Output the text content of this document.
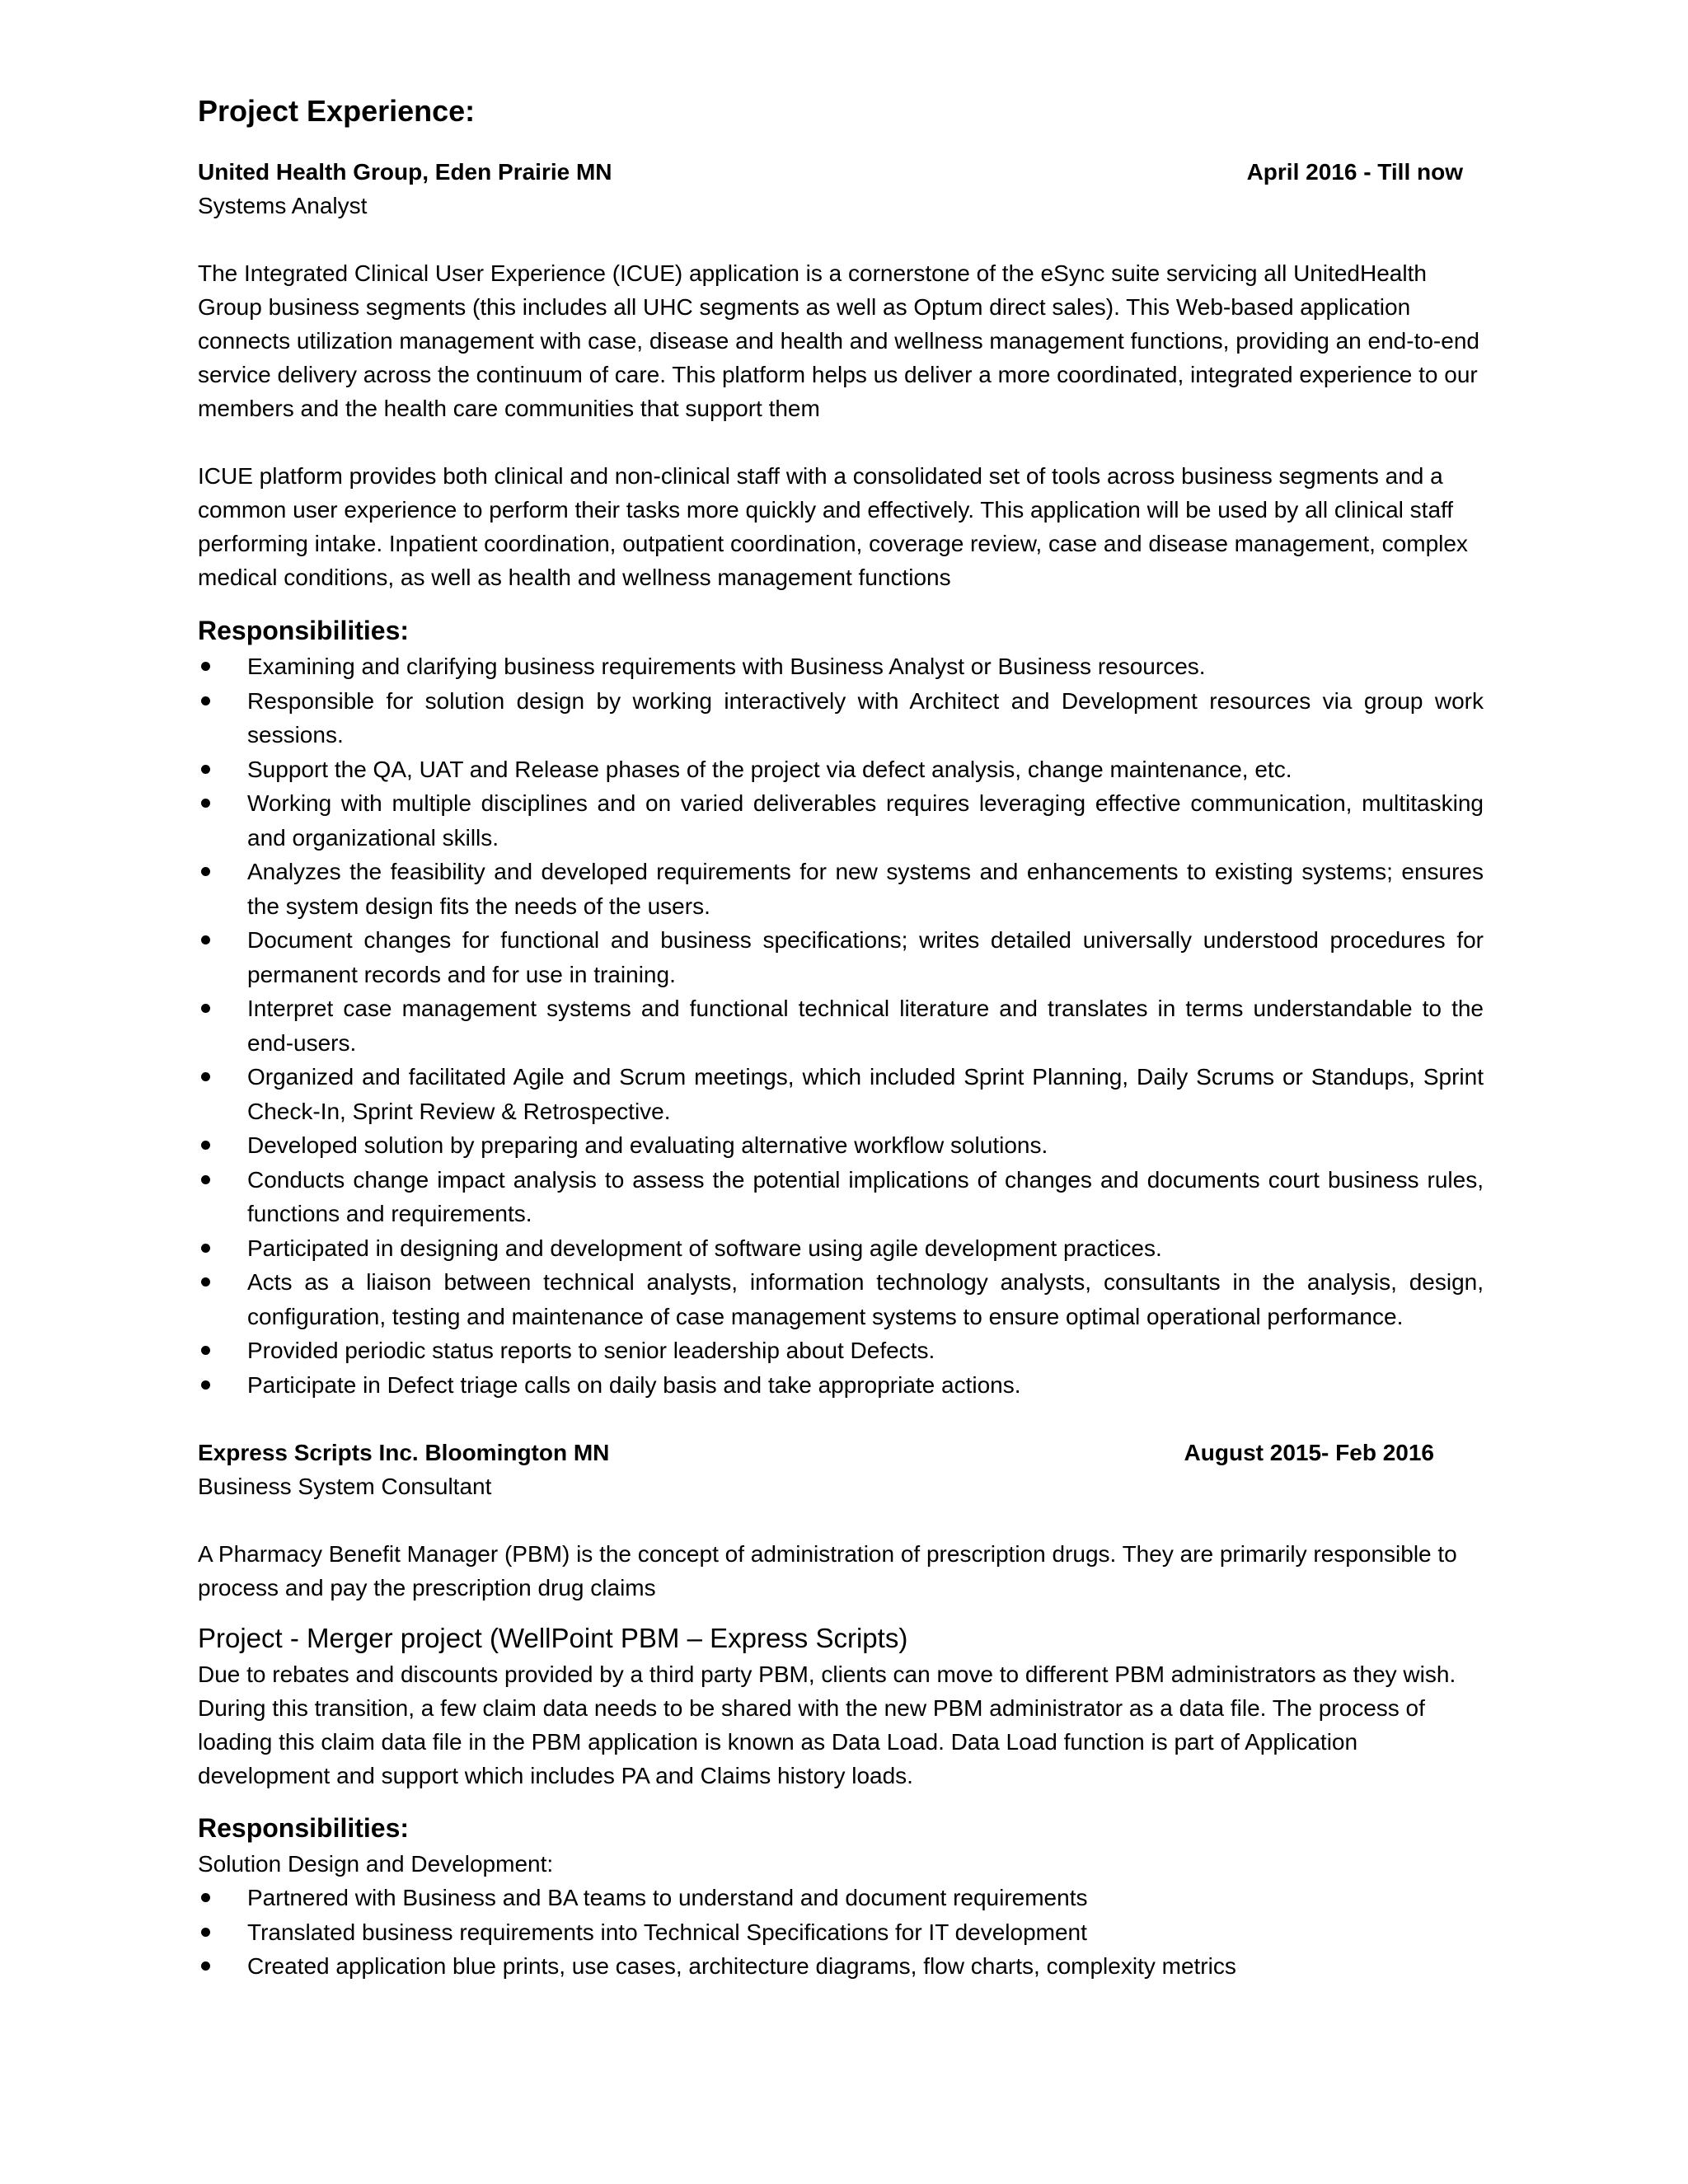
Project Experience:
United Health Group, Eden Prairie MN	April 2016 - Till now
Systems Analyst

The Integrated Clinical User Experience (ICUE) application is a cornerstone of the eSync suite servicing all UnitedHealth Group business segments (this includes all UHC segments as well as Optum direct sales). This Web-based application connects utilization management with case, disease and health and wellness management functions, providing an end-to-end service delivery across the continuum of care. This platform helps us deliver a more coordinated, integrated experience to our members and the health care communities that support them

ICUE platform provides both clinical and non-clinical staff with a consolidated set of tools across business segments and a common user experience to perform their tasks more quickly and effectively. This application will be used by all clinical staff performing intake. Inpatient coordination, outpatient coordination, coverage review, case and disease management, complex medical conditions, as well as health and wellness management functions

Responsibilities:
Examining and clarifying business requirements with Business Analyst or Business resources.
Responsible for solution design by working interactively with Architect and Development resources via group work sessions.
Support the QA, UAT and Release phases of the project via defect analysis, change maintenance, etc.
Working with multiple disciplines and on varied deliverables requires leveraging effective communication, multitasking and organizational skills.
Analyzes the feasibility and developed requirements for new systems and enhancements to existing systems; ensures the system design fits the needs of the users.
Document changes for functional and business specifications; writes detailed universally understood procedures for permanent records and for use in training.
Interpret case management systems and functional technical literature and translates in terms understandable to the end-users.
Organized and facilitated Agile and Scrum meetings, which included Sprint Planning, Daily Scrums or Standups, Sprint Check-In, Sprint Review & Retrospective.
Developed solution by preparing and evaluating alternative workflow solutions.
Conducts change impact analysis to assess the potential implications of changes and documents court business rules, functions and requirements.
Participated in designing and development of software using agile development practices.
Acts as a liaison between technical analysts, information technology analysts, consultants in the analysis, design, configuration, testing and maintenance of case management systems to ensure optimal operational performance.
Provided periodic status reports to senior leadership about Defects.
Participate in Defect triage calls on daily basis and take appropriate actions.
Express Scripts Inc. Bloomington MN	August 2015- Feb 2016
Business System Consultant

A Pharmacy Benefit Manager (PBM) is the concept of administration of prescription drugs. They are primarily responsible to process and pay the prescription drug claims

Project - Merger project (WellPoint PBM – Express Scripts)

Due to rebates and discounts provided by a third party PBM, clients can move to different PBM administrators as they wish. During this transition, a few claim data needs to be shared with the new PBM administrator as a data file. The process of loading this claim data file in the PBM application is known as Data Load. Data Load function is part of Application development and support which includes PA and Claims history loads.

Responsibilities:
Solution Design and Development:
Partnered with Business and BA teams to understand and document requirements
Translated business requirements into Technical Specifications for IT development
Created application blue prints, use cases, architecture diagrams, flow charts, complexity metrics
